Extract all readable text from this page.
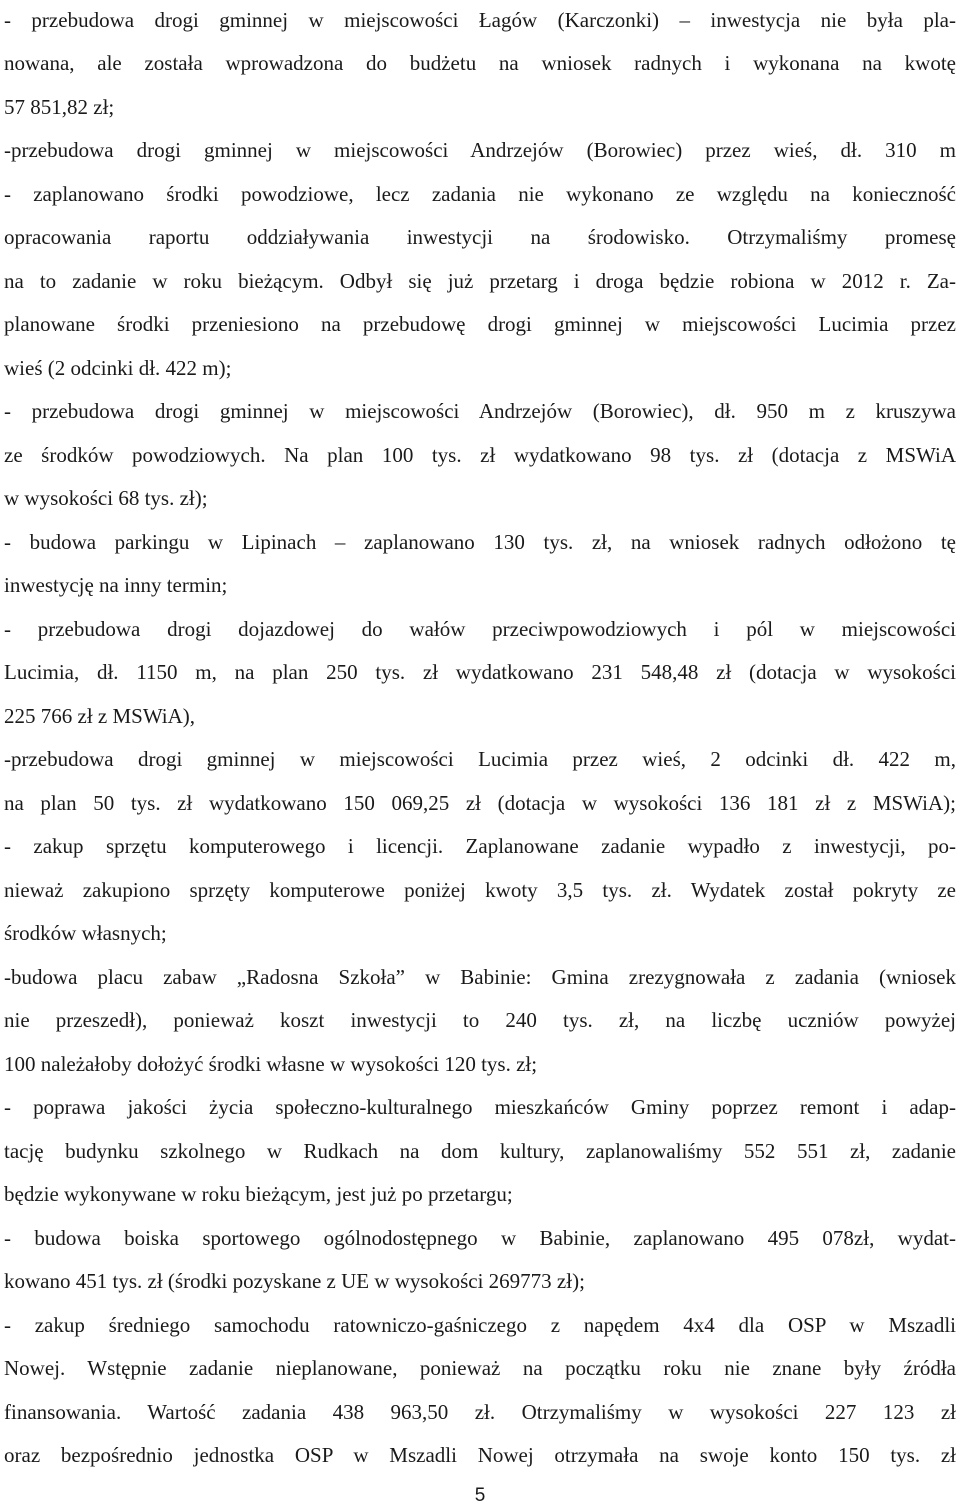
- przebudowa drogi gminnej w miejscowości Łagów (Karczonki) – inwestycja nie była pla-
nowana, ale została wprowadzona do budżetu na wniosek radnych i wykonana na kwotę
57 851,82 zł;
-przebudowa drogi gminnej w miejscowości Andrzejów (Borowiec) przez wieś, dł. 310 m
- zaplanowano środki powodziowe, lecz zadania nie wykonano ze względu na konieczność
opracowania raportu oddziaływania inwestycji na środowisko. Otrzymaliśmy promesę
na to zadanie w roku bieżącym. Odbył się już przetarg i droga będzie robiona w 2012 r. Za-
planowane środki przeniesiono na przebudowę drogi gminnej w miejscowości Lucimia przez
wieś (2 odcinki dł. 422 m);
- przebudowa drogi gminnej w miejscowości Andrzejów (Borowiec), dł. 950 m z kruszywa
ze środków powodziowych. Na plan 100 tys. zł wydatkowano 98 tys. zł (dotacja z MSWiA
w wysokości 68 tys. zł);
- budowa parkingu w Lipinach – zaplanowano 130 tys. zł, na wniosek radnych odłożono tę
inwestycję na inny termin;
- przebudowa drogi dojazdowej do wałów przeciwpowodziowych i pól w miejscowości
Lucimia, dł. 1150 m, na plan 250 tys. zł wydatkowano 231 548,48 zł (dotacja w wysokości
225 766 zł z MSWiA),
-przebudowa drogi gminnej w miejscowości Lucimia przez wieś, 2 odcinki dł. 422 m,
na plan 50 tys. zł wydatkowano 150 069,25 zł (dotacja w wysokości 136 181 zł z MSWiA);
- zakup sprzętu komputerowego i licencji. Zaplanowane zadanie wypadło z inwestycji, po-
nieważ zakupiono sprzęty komputerowe poniżej kwoty 3,5 tys. zł. Wydatek został pokryty ze
środków własnych;
-budowa placu zabaw „Radosna Szkoła” w Babinie: Gmina zrezygnowała z zadania (wniosek
nie przeszedł), ponieważ koszt inwestycji to 240 tys. zł, na liczbę uczniów powyżej
100 należałoby dołożyć środki własne w wysokości 120 tys. zł;
- poprawa jakości życia społeczno-kulturalnego mieszkańców Gminy poprzez remont i adap-
tację budynku szkolnego w Rudkach na dom kultury, zaplanowaliśmy 552 551 zł, zadanie
będzie wykonywane w roku bieżącym, jest już po przetargu;
- budowa boiska sportowego ogólnodostępnego w Babinie, zaplanowano 495 078zł, wydat-
kowano 451 tys. zł (środki pozyskane z UE w wysokości 269773 zł);
- zakup średniego samochodu ratowniczo-gaśniczego z napędem 4x4 dla OSP w Mszadli
Nowej. Wstępnie zadanie nieplanowane, ponieważ na początku roku nie znane były źródła
finansowania. Wartość zadania 438 963,50 zł. Otrzymaliśmy w wysokości 227 123 zł
oraz bezpośrednio jednostka OSP w Mszadli Nowej otrzymała na swoje konto 150 tys. zł
5
